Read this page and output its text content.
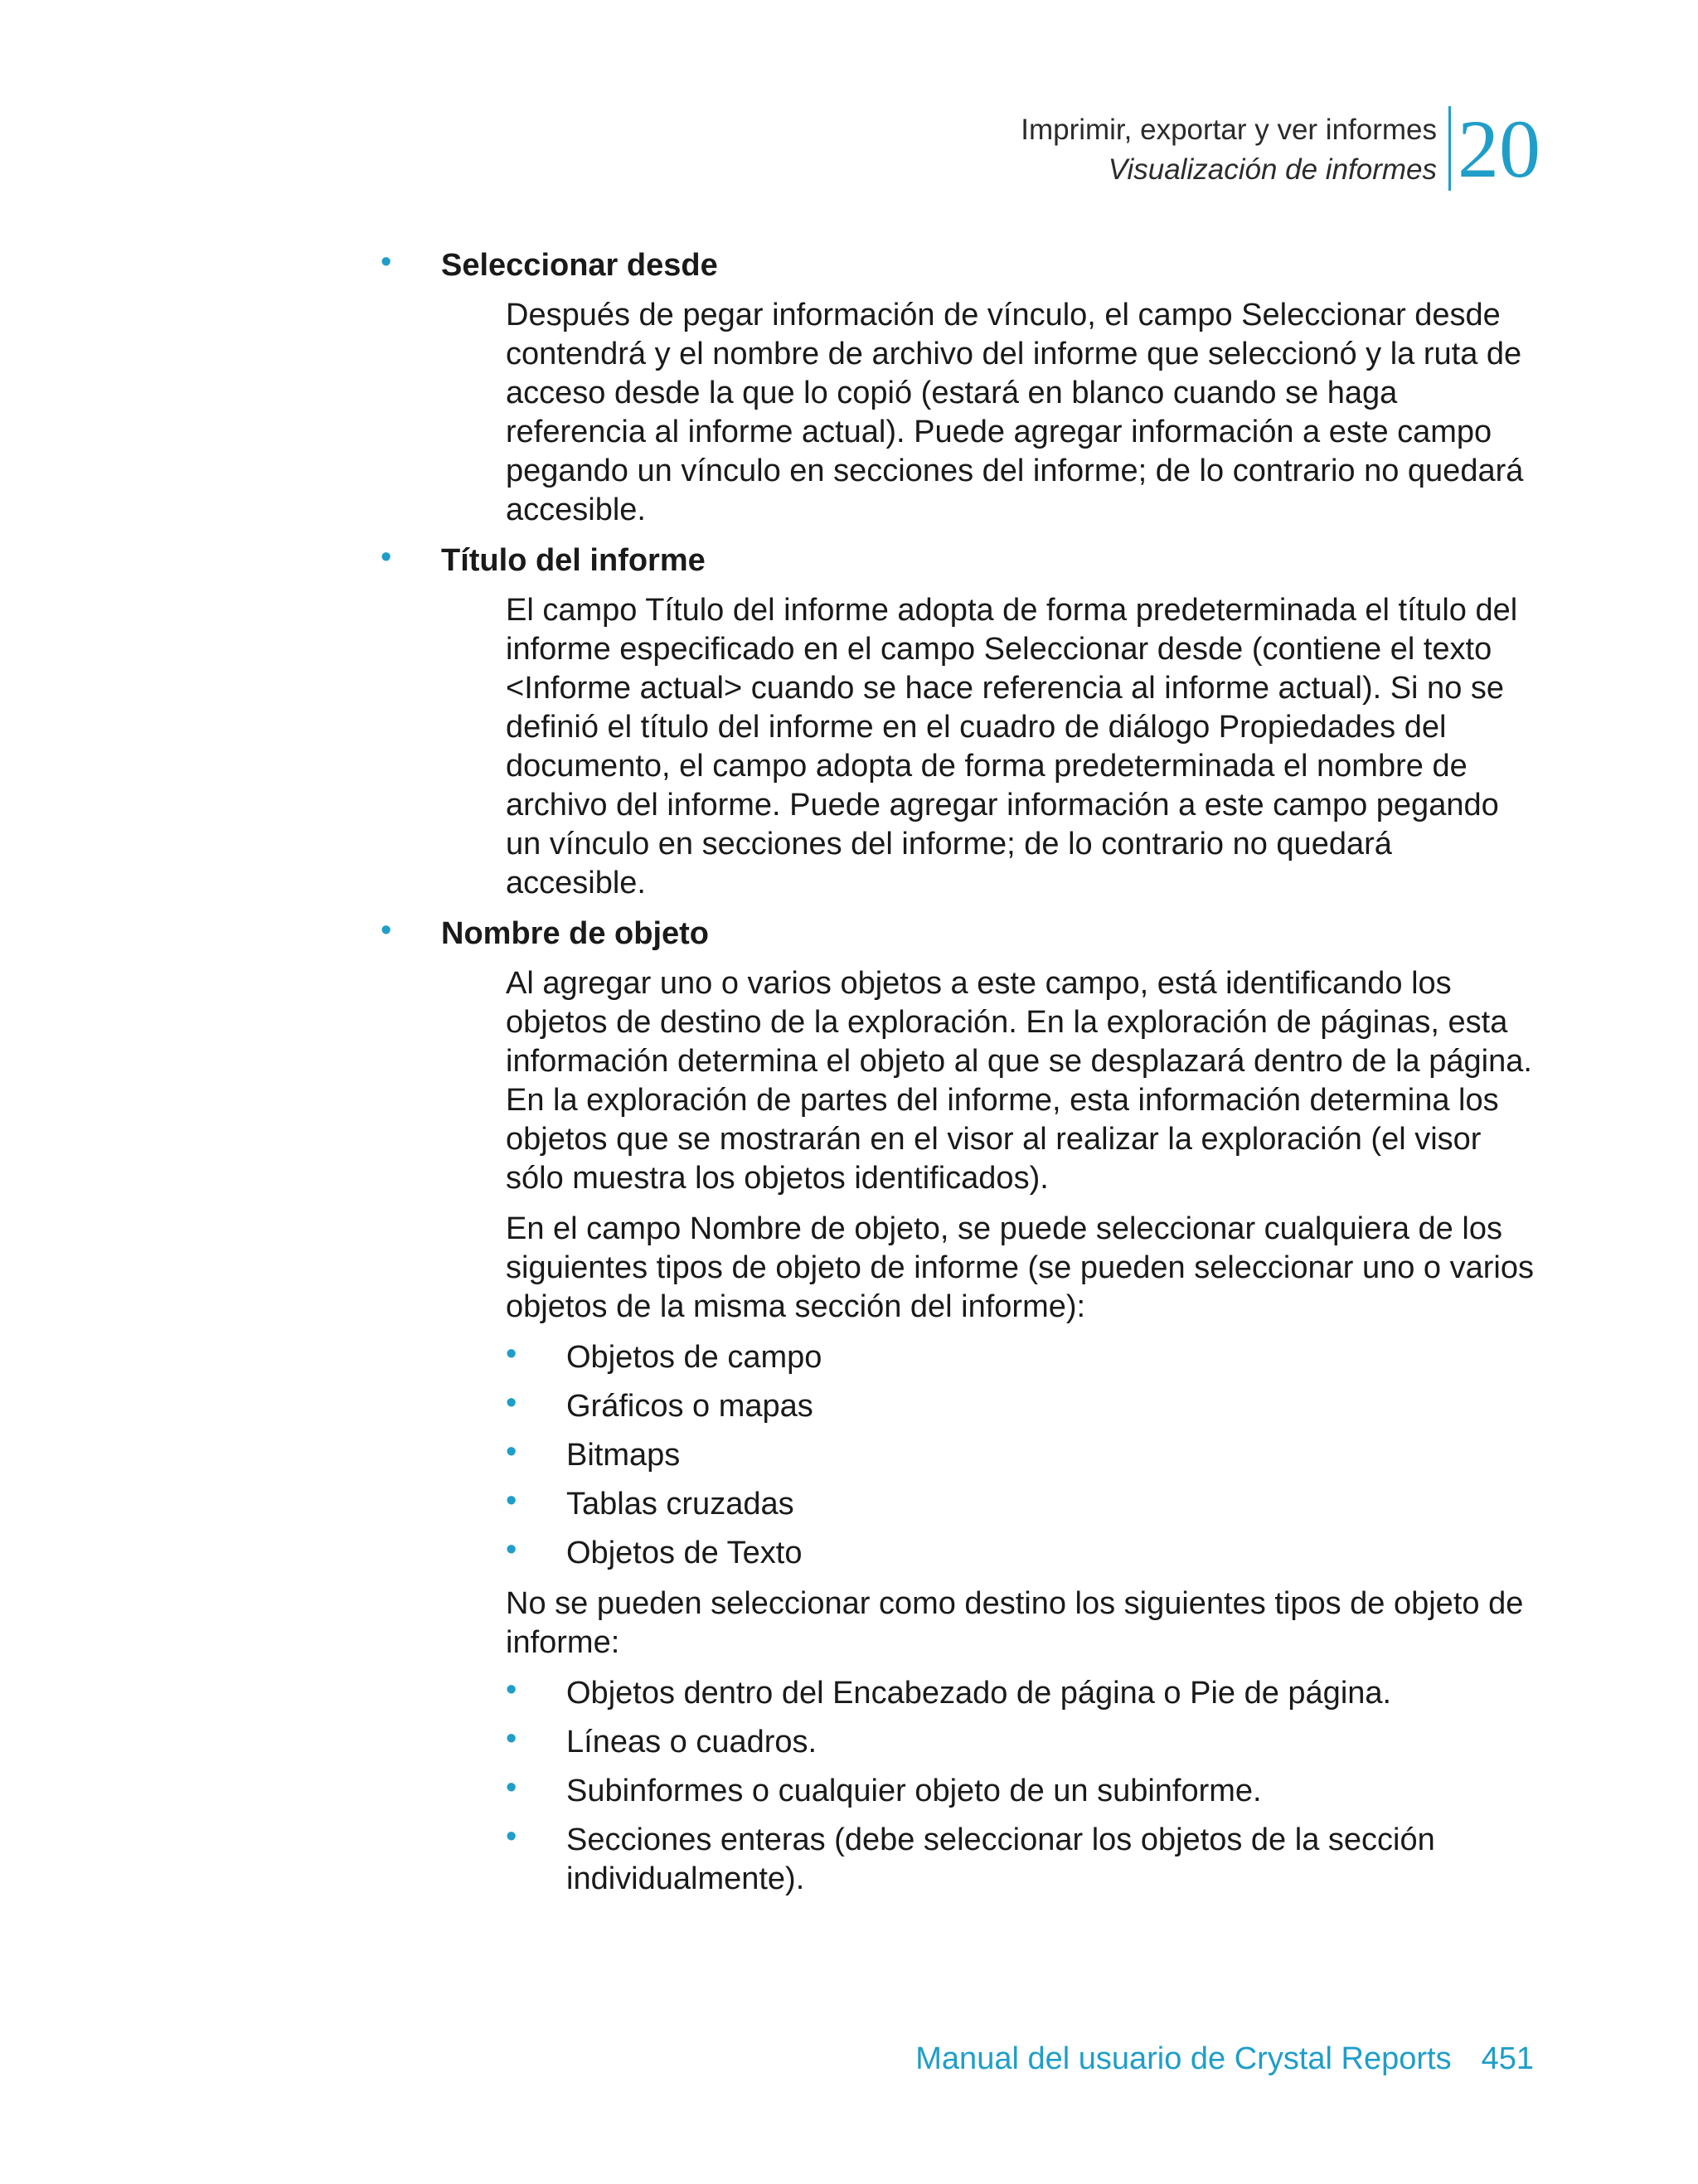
Imprimir, exportar y ver informes
Visualización de informes 20
• Seleccionar desde

Después de pegar información de vínculo, el campo Seleccionar desde contendrá y el nombre de archivo del informe que seleccionó y la ruta de acceso desde la que lo copió (estará en blanco cuando se haga referencia al informe actual). Puede agregar información a este campo pegando un vínculo en secciones del informe; de lo contrario no quedará accesible.

• Título del informe

El campo Título del informe adopta de forma predeterminada el título del informe especificado en el campo Seleccionar desde (contiene el texto <Informe actual> cuando se hace referencia al informe actual). Si no se definió el título del informe en el cuadro de diálogo Propiedades del documento, el campo adopta de forma predeterminada el nombre de archivo del informe. Puede agregar información a este campo pegando un vínculo en secciones del informe; de lo contrario no quedará accesible.

• Nombre de objeto

Al agregar uno o varios objetos a este campo, está identificando los objetos de destino de la exploración. En la exploración de páginas, esta información determina el objeto al que se desplazará dentro de la página. En la exploración de partes del informe, esta información determina los objetos que se mostrarán en el visor al realizar la exploración (el visor sólo muestra los objetos identificados).

En el campo Nombre de objeto, se puede seleccionar cualquiera de los siguientes tipos de objeto de informe (se pueden seleccionar uno o varios objetos de la misma sección del informe):

• Objetos de campo
• Gráficos o mapas
• Bitmaps
• Tablas cruzadas
• Objetos de Texto

No se pueden seleccionar como destino los siguientes tipos de objeto de informe:

• Objetos dentro del Encabezado de página o Pie de página.
• Líneas o cuadros.
• Subinformes o cualquier objeto de un subinforme.
• Secciones enteras (debe seleccionar los objetos de la sección individualmente).
Manual del usuario de Crystal Reports 451
